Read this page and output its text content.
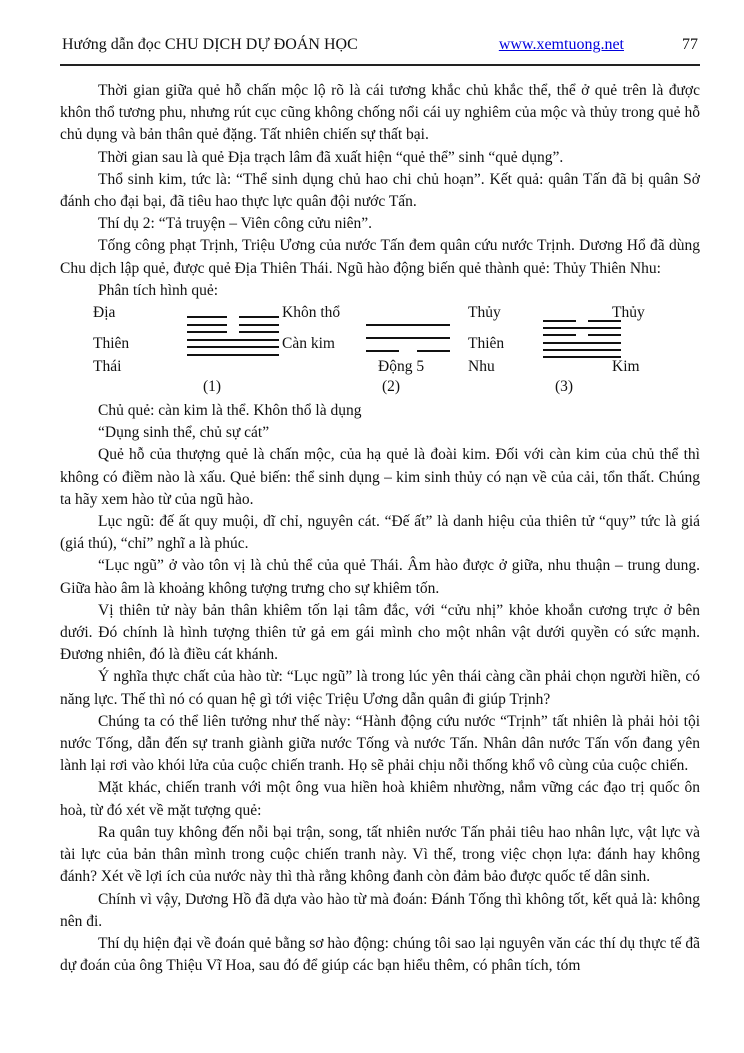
Hướng dẫn đọc CHU DỊCH DỰ ĐOÁN HỌC	www.xemtuong.net	77

Thời gian giữa quẻ hỗ chấn mộc lộ rõ là cái tương khắc chủ khắc thể, thể ở quẻ trên là được khôn thổ tương phu, nhưng rút cục cũng không chống nổi cái uy nghiêm của mộc và thủy trong quẻ hỗ chủ dụng và bản thân quẻ đặng. Tất nhiên chiến sự thất bại.

Thời gian sau là quẻ Địa trạch lâm đã xuất hiện “quẻ thể” sinh “quẻ dụng”.

Thổ sinh kim, tức là: “Thể sinh dụng chủ hao chi chủ hoạn”. Kết quả: quân Tấn đã bị quân Sở đánh cho đại bại, đã tiêu hao thực lực quân đội nước Tấn.

Thí dụ 2: “Tả truyện – Viên công cửu niên”.

Tống công phạt Trịnh, Triệu Ương của nước Tấn đem quân cứu nước Trịnh. Dương Hổ đã dùng Chu dịch lập quẻ, được quẻ Địa Thiên Thái. Ngũ hào động biến quẻ thành quẻ: Thủy Thiên Nhu:

Phân tích hình quẻ:

Địa
Thiên
Thái
(1)
Khôn thổ
Càn kim
Động 5
(2)
Thủy
Thiên
Nhu
(3)
Thủy
Kim

Chủ quẻ: càn kim là thể. Khôn thổ là dụng

“Dụng sinh thể, chủ sự cát”

Quẻ hỗ của thượng quẻ là chấn mộc, của hạ quẻ là đoài kim. Đối với càn kim của chủ thể thì không có điềm nào là xấu. Quẻ biến: thể sinh dụng – kim sinh thủy có nạn về của cải, tổn thất. Chúng ta hãy xem hào từ của ngũ hào.

Lục ngũ: đế ất quy muội, dĩ chỉ, nguyên cát. “Đế ất” là danh hiệu của thiên tử “quy” tức là giá (giá thú), “chỉ” nghĩ a là phúc.

“Lục ngũ” ở vào tôn vị là chủ thể của quẻ Thái. Âm hào được ở giữa, nhu thuận – trung dung. Giữa hào âm là khoảng không tượng trưng cho sự khiêm tốn.

Vị thiên tử này bản thân khiêm tốn lại tâm đắc, với “cửu nhị” khỏe khoắn cương trực ở bên dưới. Đó chính là hình tượng thiên tử gả em gái mình cho một nhân vật dưới quyền có sức mạnh. Đương nhiên, đó là điều cát khánh.

Ý nghĩa thực chất của hào từ: “Lục ngũ” là trong lúc yên thái càng cần phải chọn người hiền, có năng lực. Thế thì nó có quan hệ gì tới việc Triệu Ương dẫn quân đi giúp Trịnh?

Chúng ta có thể liên tưởng như thế này: “Hành động cứu nước “Trịnh” tất nhiên là phải hỏi tội nước Tống, dẫn đến sự tranh giành giữa nước Tống và nước Tấn. Nhân dân nước Tấn vốn đang yên lành lại rơi vào khói lửa của cuộc chiến tranh. Họ sẽ phải chịu nỗi thống khổ vô cùng của cuộc chiến.

Mặt khác, chiến tranh với một ông vua hiền hoà khiêm nhường, nắm vững các đạo trị quốc ôn hoà, từ đó xét về mặt tượng quẻ:

Ra quân tuy không đến nỗi bại trận, song, tất nhiên nước Tấn phải tiêu hao nhân lực, vật lực và tài lực của bản thân mình trong cuộc chiến tranh này. Vì thế, trong việc chọn lựa: đánh hay không đánh? Xét về lợi ích của nước này thì thà rằng không đanh còn đảm bảo được quốc tế dân sinh.

Chính vì vậy, Dương Hồ đã dựa vào hào từ mà đoán: Đánh Tống thì không tốt, kết quả là: không nên đi.

Thí dụ hiện đại về đoán quẻ bằng sơ hào động: chúng tôi sao lại nguyên văn các thí dụ thực tế đã dự đoán của ông Thiệu Vĩ Hoa, sau đó để giúp các bạn hiểu thêm, có phân tích, tóm
